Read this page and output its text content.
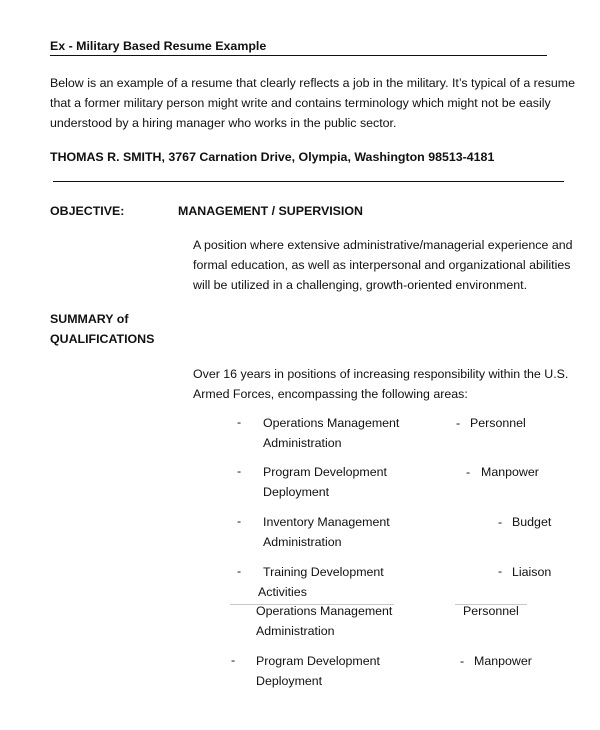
Ex - Military Based Resume Example
Below is an example of a resume that clearly reflects a job in the military. It’s typical of a resume
that a former military person might write and contains terminology which might not be easily
understood by a hiring manager who works in the public sector.
THOMAS R. SMITH, 3767 Carnation Drive, Olympia, Washington 98513-4181
OBJECTIVE:	MANAGEMENT / SUPERVISION
A position where extensive administrative/managerial experience and
formal education, as well as interpersonal and organizational abilities
will be utilized in a challenging, growth-oriented environment.
SUMMARY of
QUALIFICATIONS
Over 16 years in positions of increasing responsibility within the U.S.
Armed Forces, encompassing the following areas:
- Operations Management
Administration
- Personnel
- Program Development
Deployment
- Manpower
- Inventory Management
Administration
- Budget
- Training Development
Activities
- Liaison
Operations Management
Administration
Personnel
- Program Development
Deployment
- Manpower
